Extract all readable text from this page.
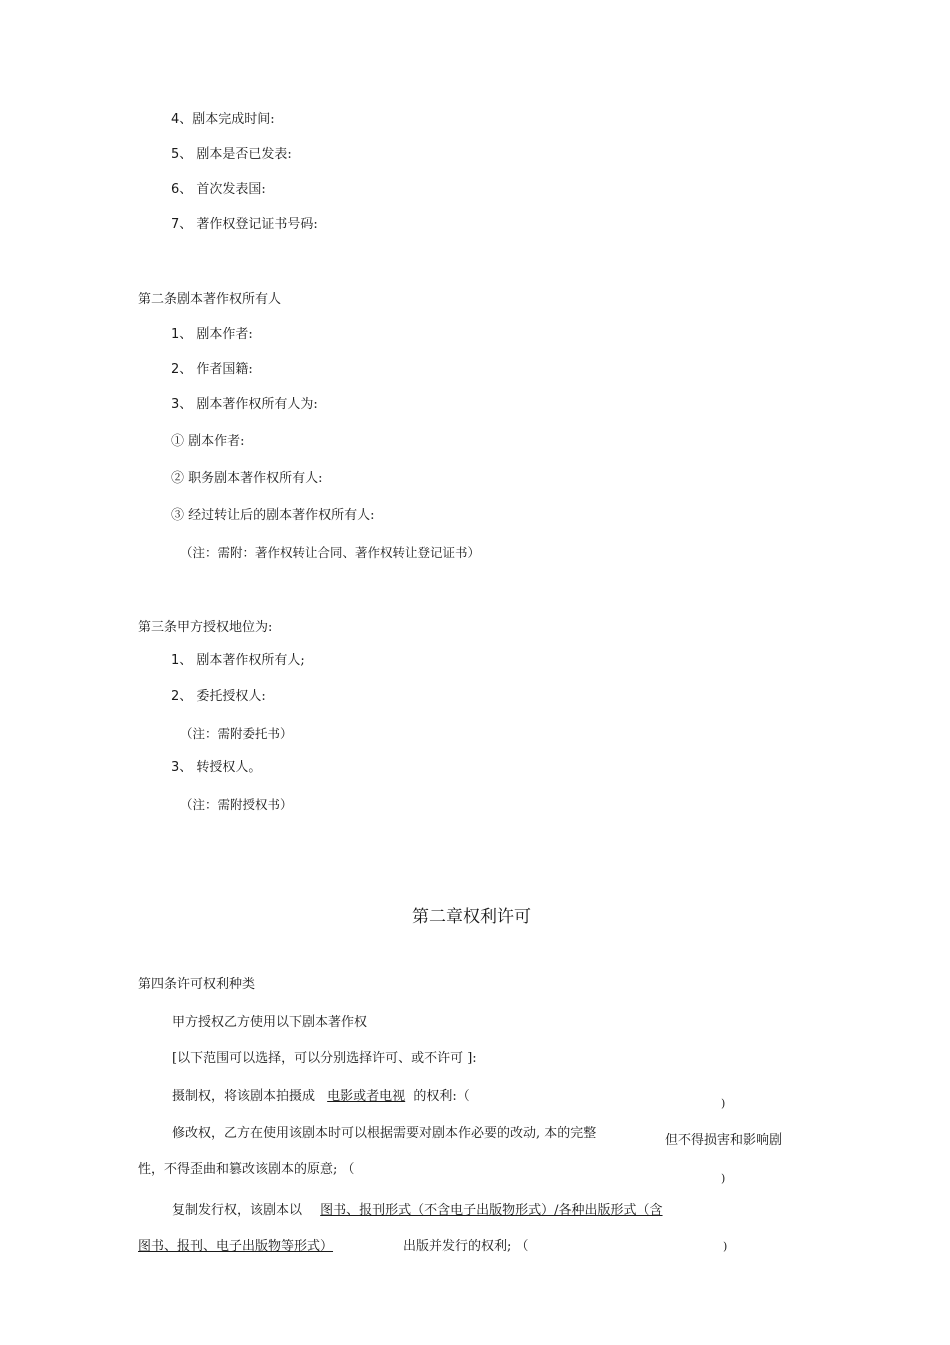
4、剧本完成时间:
5、 剧本是否已发表:
6、 首次发表国:
7、 著作权登记证书号码:
第二条剧本著作权所有人
1、 剧本作者:
2、 作者国籍:
3、 剧本著作权所有人为:
① 剧本作者:
② 职务剧本著作权所有人:
③ 经过转让后的剧本著作权所有人:
（注：需附：著作权转让合同、著作权转让登记证书）
第三条甲方授权地位为:
1、 剧本著作权所有人;
2、 委托授权人:
（注：需附委托书）
3、 转授权人。
（注：需附授权书）
第二章权利许可
第四条许可权利种类
甲方授权乙方使用以下剧本著作权
[以下范围可以选择，可以分别选择许可、或不许可 ]:
摄制权，将该剧本拍摄成 电影或者电视 的权利:（	)
修改权，乙方在使用该剧本时可以根据需要对剧本作必要的改动, 本的完整	但不得损害和影响剧
性，不得歪曲和篡改该剧本的原意; （
)
复制发行权，该剧本以 图书、报刊形式（不含电子出版物形式）/各种出版形式（含
图书、报刊、电子出版物等形式）	出版并发行的权利; （	)
